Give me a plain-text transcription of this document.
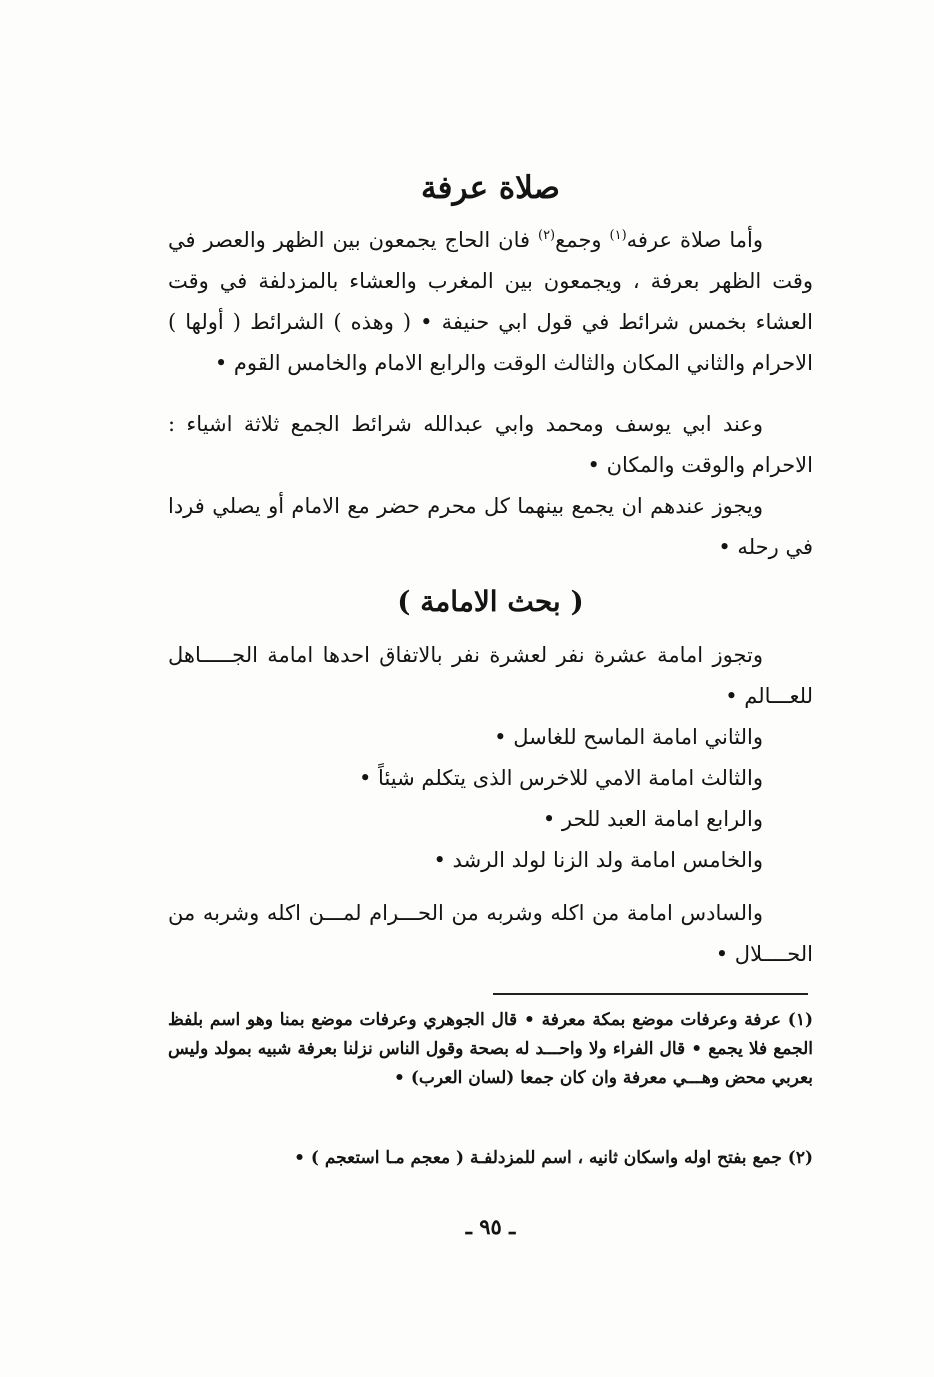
صلاة عرفة
وأما صلاة عرفه$^{(١)}$ وجمع$^{(٢)}$ فان الحاج يجمعون بين الظهر والعصر في وقت الظهر بعرفة ، ويجمعون بين المغرب والعشاء بالمزدلفة في وقت العشاء بخمس شرائط في قول ابي حنيفة • ( وهذه ) الشرائط ( أولها ) الاحرام والثاني المكان والثالث الوقت والرابع الامام والخامس القوم •
وعند ابي يوسف ومحمد وابي عبدالله شرائط الجمع ثلاثة اشياء : الاحرام والوقت والمكان •
ويجوز عندهم ان يجمع بينهما كل محرم حضر مع الامام أو يصلي فردا في رحله •
( بحث الامامة )
وتجوز امامة عشرة نفر لعشرة نفر بالاتفاق احدها امامة الجـــــاهل للعـــالم •
والثاني امامة الماسح للغاسل •
والثالث امامة الامي للاخرس الذى يتكلم شيئاً •
والرابع امامة العبد للحر •
والخامس امامة ولد الزنا لولد الرشد •
والسادس امامة من اكله وشربه من الحـــرام لمـــن اكله وشربه من الحــــلال •
(١) عرفة وعرفات موضع بمكة معرفة • قال الجوهري وعرفات موضع بمنا وهو اسم بلفظ الجمع فلا يجمع • قال الفراء ولا واحـــد له بصحة وقول الناس نزلنا بعرفة شبيه بمولد وليس بعربي محض وهـــي معرفة وان كان جمعا (لسان العرب) •
(٢) جمع بفتح اوله واسكان ثانيه ، اسم للمزدلفـة ( معجم مـا استعجم ) •
ـ ٩٥ ـ
